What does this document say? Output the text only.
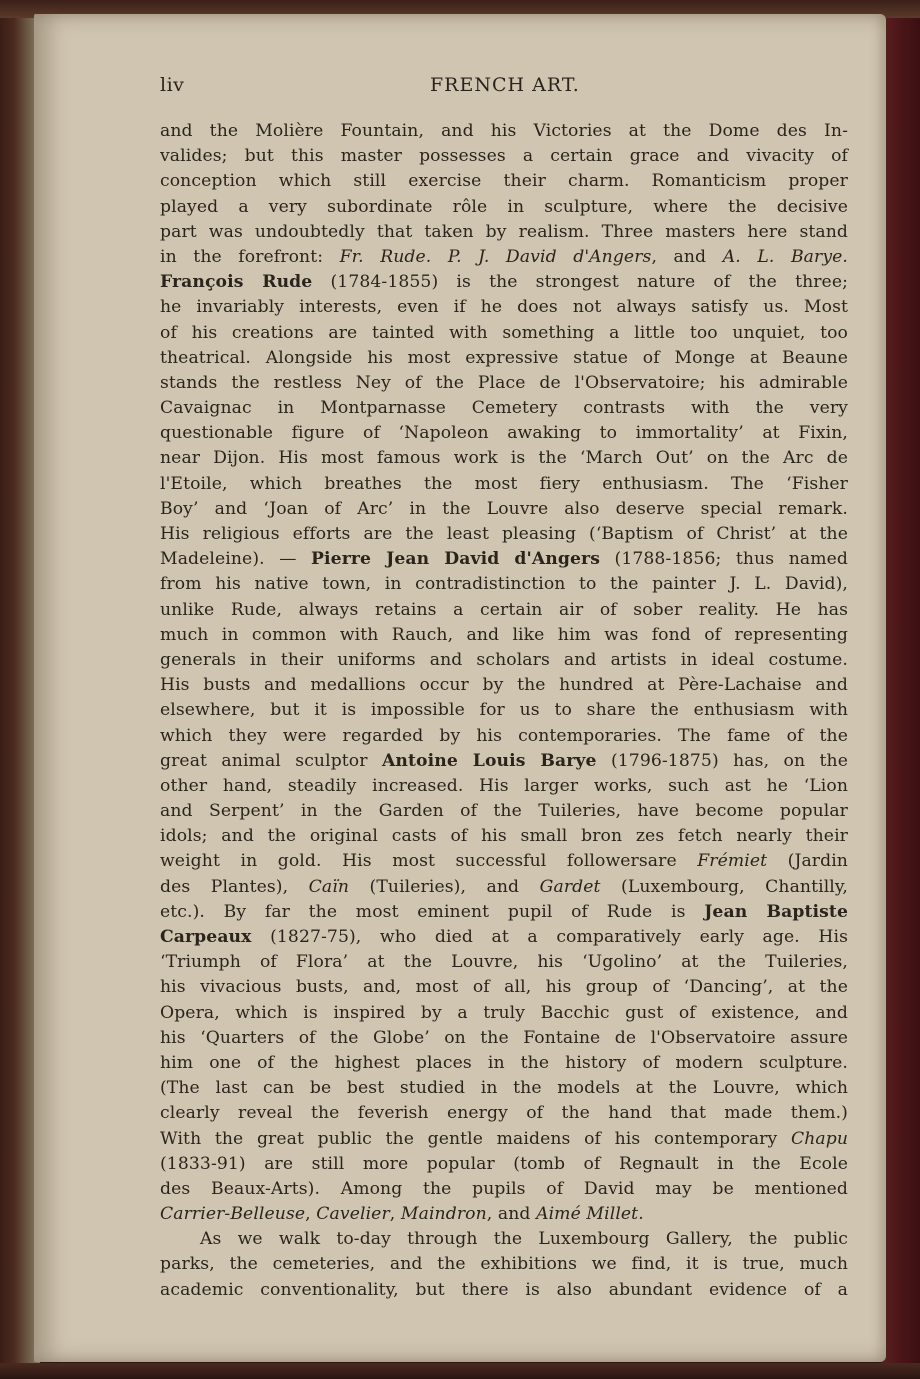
liv	FRENCH ART.
and the Molière Fountain, and his Victories at the Dome des In-
valides; but this master possesses a certain grace and vivacity of
conception which still exercise their charm. Romanticism proper
played a very subordinate rôle in sculpture, where the decisive
part was undoubtedly that taken by realism. Three masters here stand
in the forefront: Fr. Rude. P. J. David d'Angers, and A. L. Barye.
François Rude (1784-1855) is the strongest nature of the three;
he invariably interests, even if he does not always satisfy us. Most
of his creations are tainted with something a little too unquiet, too
theatrical. Alongside his most expressive statue of Monge at Beaune
stands the restless Ney of the Place de l'Observatoire; his admirable
Cavaignac in Montparnasse Cemetery contrasts with the very
questionable figure of ‘Napoleon awaking to immortality’ at Fixin,
near Dijon. His most famous work is the ‘March Out’ on the Arc de
l'Etoile, which breathes the most fiery enthusiasm. The ‘Fisher
Boy’ and ‘Joan of Arc’ in the Louvre also deserve special remark.
His religious efforts are the least pleasing (‘Baptism of Christ’ at the
Madeleine). — Pierre Jean David d'Angers (1788-1856; thus named
from his native town, in contradistinction to the painter J. L. David),
unlike Rude, always retains a certain air of sober reality. He has
much in common with Rauch, and like him was fond of representing
generals in their uniforms and scholars and artists in ideal costume.
His busts and medallions occur by the hundred at Père-Lachaise and
elsewhere, but it is impossible for us to share the enthusiasm with
which they were regarded by his contemporaries. The fame of the
great animal sculptor Antoine Louis Barye (1796-1875) has, on the
other hand, steadily increased. His larger works, such ast he ‘Lion
and Serpent’ in the Garden of the Tuileries, have become popular
idols; and the original casts of his small bron zes fetch nearly their
weight in gold. His most successful followersare Frémiet (Jardin
des Plantes), Caïn (Tuileries), and Gardet (Luxembourg, Chantilly,
etc.). By far the most eminent pupil of Rude is Jean Baptiste
Carpeaux (1827-75), who died at a comparatively early age. His
‘Triumph of Flora’ at the Louvre, his ‘Ugolino’ at the Tuileries,
his vivacious busts, and, most of all, his group of ‘Dancing’, at the
Opera, which is inspired by a truly Bacchic gust of existence, and
his ‘Quarters of the Globe’ on the Fontaine de l'Observatoire assure
him one of the highest places in the history of modern sculpture.
(The last can be best studied in the models at the Louvre, which
clearly reveal the feverish energy of the hand that made them.)
With the great public the gentle maidens of his contemporary Chapu
(1833-91) are still more popular (tomb of Regnault in the Ecole
des Beaux-Arts). Among the pupils of David may be mentioned
Carrier-Belleuse, Cavelier, Maindron, and Aimé Millet.
As we walk to-day through the Luxembourg Gallery, the public
parks, the cemeteries, and the exhibitions we find, it is true, much
academic conventionality, but there is also abundant evidence of a
